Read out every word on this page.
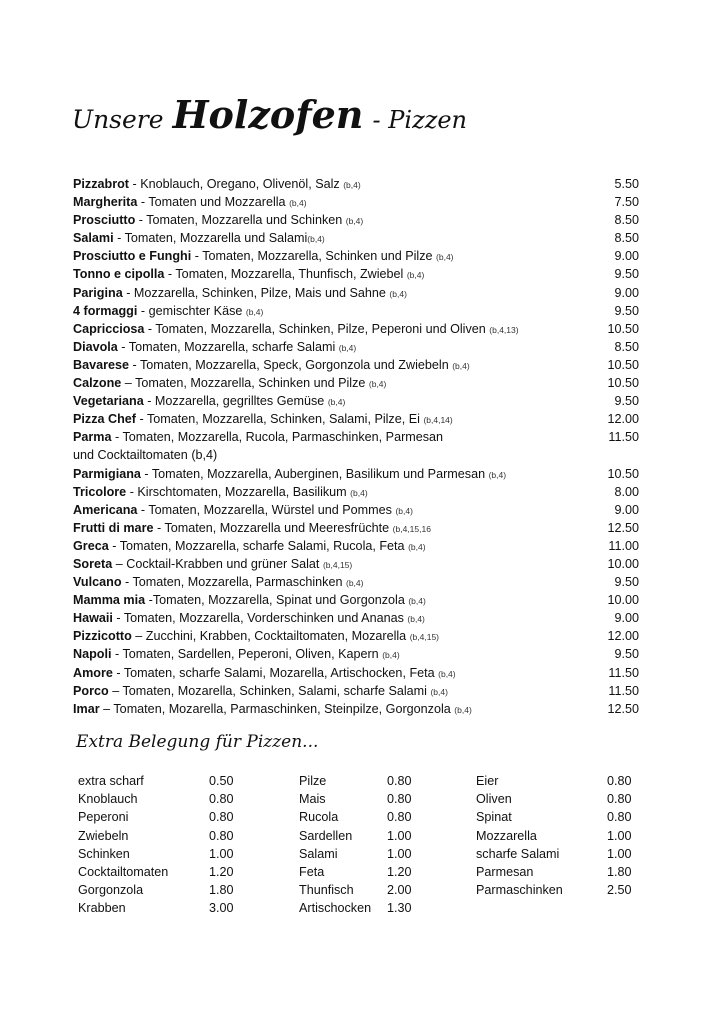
Unsere Holzofen - Pizzen
Pizzabrot - Knoblauch, Oregano, Olivenöl, Salz (b,4)	5.50
Margherita - Tomaten und Mozzarella (b,4)	7.50
Prosciutto - Tomaten, Mozzarella und Schinken (b,4)	8.50
Salami - Tomaten, Mozzarella und Salami(b,4)	8.50
Prosciutto e Funghi - Tomaten, Mozzarella, Schinken und Pilze (b,4)	9.00
Tonno e cipolla - Tomaten, Mozzarella, Thunfisch, Zwiebel (b,4)	9.50
Parigina - Mozzarella, Schinken, Pilze, Mais und Sahne (b,4)	9.00
4 formaggi - gemischter Käse (b,4)	9.50
Capricciosa - Tomaten, Mozzarella, Schinken, Pilze, Peperoni und Oliven (b,4,13)	10.50
Diavola - Tomaten, Mozzarella, scharfe Salami (b,4)	8.50
Bavarese - Tomaten, Mozzarella, Speck, Gorgonzola und Zwiebeln (b,4)	10.50
Calzone – Tomaten, Mozzarella, Schinken und Pilze (b,4)	10.50
Vegetariana - Mozzarella, gegrilltes Gemüse (b,4)	9.50
Pizza Chef - Tomaten, Mozzarella, Schinken, Salami, Pilze, Ei (b,4,14)	12.00
Parma - Tomaten, Mozzarella, Rucola, Parmaschinken, Parmesan	11.50
und Cocktailtomaten (b,4)
Parmigiana - Tomaten, Mozzarella, Auberginen, Basilikum und Parmesan (b,4)	10.50
Tricolore - Kirschtomaten, Mozzarella, Basilikum (b,4)	8.00
Americana - Tomaten, Mozzarella, Würstel und Pommes (b,4)	9.00
Frutti di mare - Tomaten, Mozzarella und Meeresfrüchte (b,4,15,16	12.50
Greca - Tomaten, Mozzarella, scharfe Salami, Rucola, Feta (b,4)	11.00
Soreta – Cocktail-Krabben und grüner Salat (b,4,15)	10.00
Vulcano - Tomaten, Mozzarella, Parmaschinken (b,4)	9.50
Mamma mia -Tomaten, Mozzarella, Spinat und Gorgonzola (b,4)	10.00
Hawaii - Tomaten, Mozzarella, Vorderschinken und Ananas (b,4)	9.00
Pizzicotto – Zucchini, Krabben, Cocktailtomaten, Mozarella (b,4,15)	12.00
Napoli - Tomaten, Sardellen, Peperoni, Oliven, Kapern (b,4)	9.50
Amore - Tomaten, scharfe Salami, Mozarella, Artischocken, Feta (b,4)	11.50
Porco – Tomaten, Mozarella, Schinken, Salami, scharfe Salami (b,4)	11.50
Imar – Tomaten, Mozarella, Parmaschinken, Steinpilze, Gorgonzola (b,4)	12.50
Extra Belegung für Pizzen...
extra scharf	0.50
Knoblauch	0.80
Peperoni	0.80
Zwiebeln	0.80
Schinken	1.00
Cocktailtomaten	1.20
Gorgonzola	1.80
Krabben	3.00
Pilze	0.80
Mais	0.80
Rucola	0.80
Sardellen	1.00
Salami	1.00
Feta	1.20
Thunfisch	2.00
Artischocken 1.30
Eier	0.80
Oliven	0.80
Spinat	0.80
Mozzarella	1.00
scharfe Salami	1.00
Parmesan	1.80
Parmaschinken	2.50
